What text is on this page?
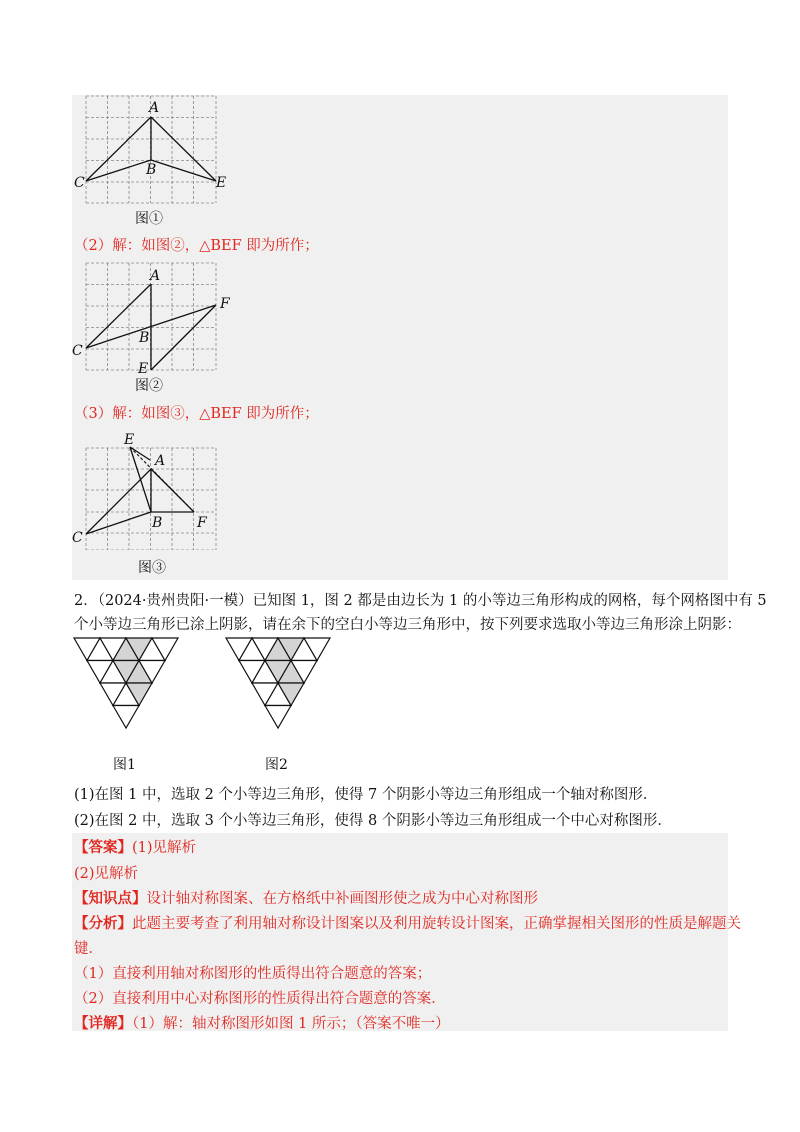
A
B
C	E
图①
（2）解：如图②，△BEF 即为所作；
A
B
C
E
F
图②
（3）解：如图③，△BEF 即为所作；
E
A
B
C
F
图③
2．（2024·贵州贵阳·一模）已知图 1，图 2 都是由边长为 1 的小等边三角形构成的网格，每个网格图中有 5
个小等边三角形已涂上阴影，请在余下的空白小等边三角形中，按下列要求选取小等边三角形涂上阴影：
图1	图2
(1)在图 1 中，选取 2 个小等边三角形，使得 7 个阴影小等边三角形组成一个轴对称图形．
(2)在图 2 中，选取 3 个小等边三角形，使得 8 个阴影小等边三角形组成一个中心对称图形．
【答案】(1)见解析
(2)见解析
【知识点】设计轴对称图案、在方格纸中补画图形使之成为中心对称图形
【分析】此题主要考查了利用轴对称设计图案以及利用旋转设计图案，正确掌握相关图形的性质是解题关
键．
（1）直接利用轴对称图形的性质得出符合题意的答案；
（2）直接利用中心对称图形的性质得出符合题意的答案．
【详解】（1）解：轴对称图形如图 1 所示；（答案不唯一）
